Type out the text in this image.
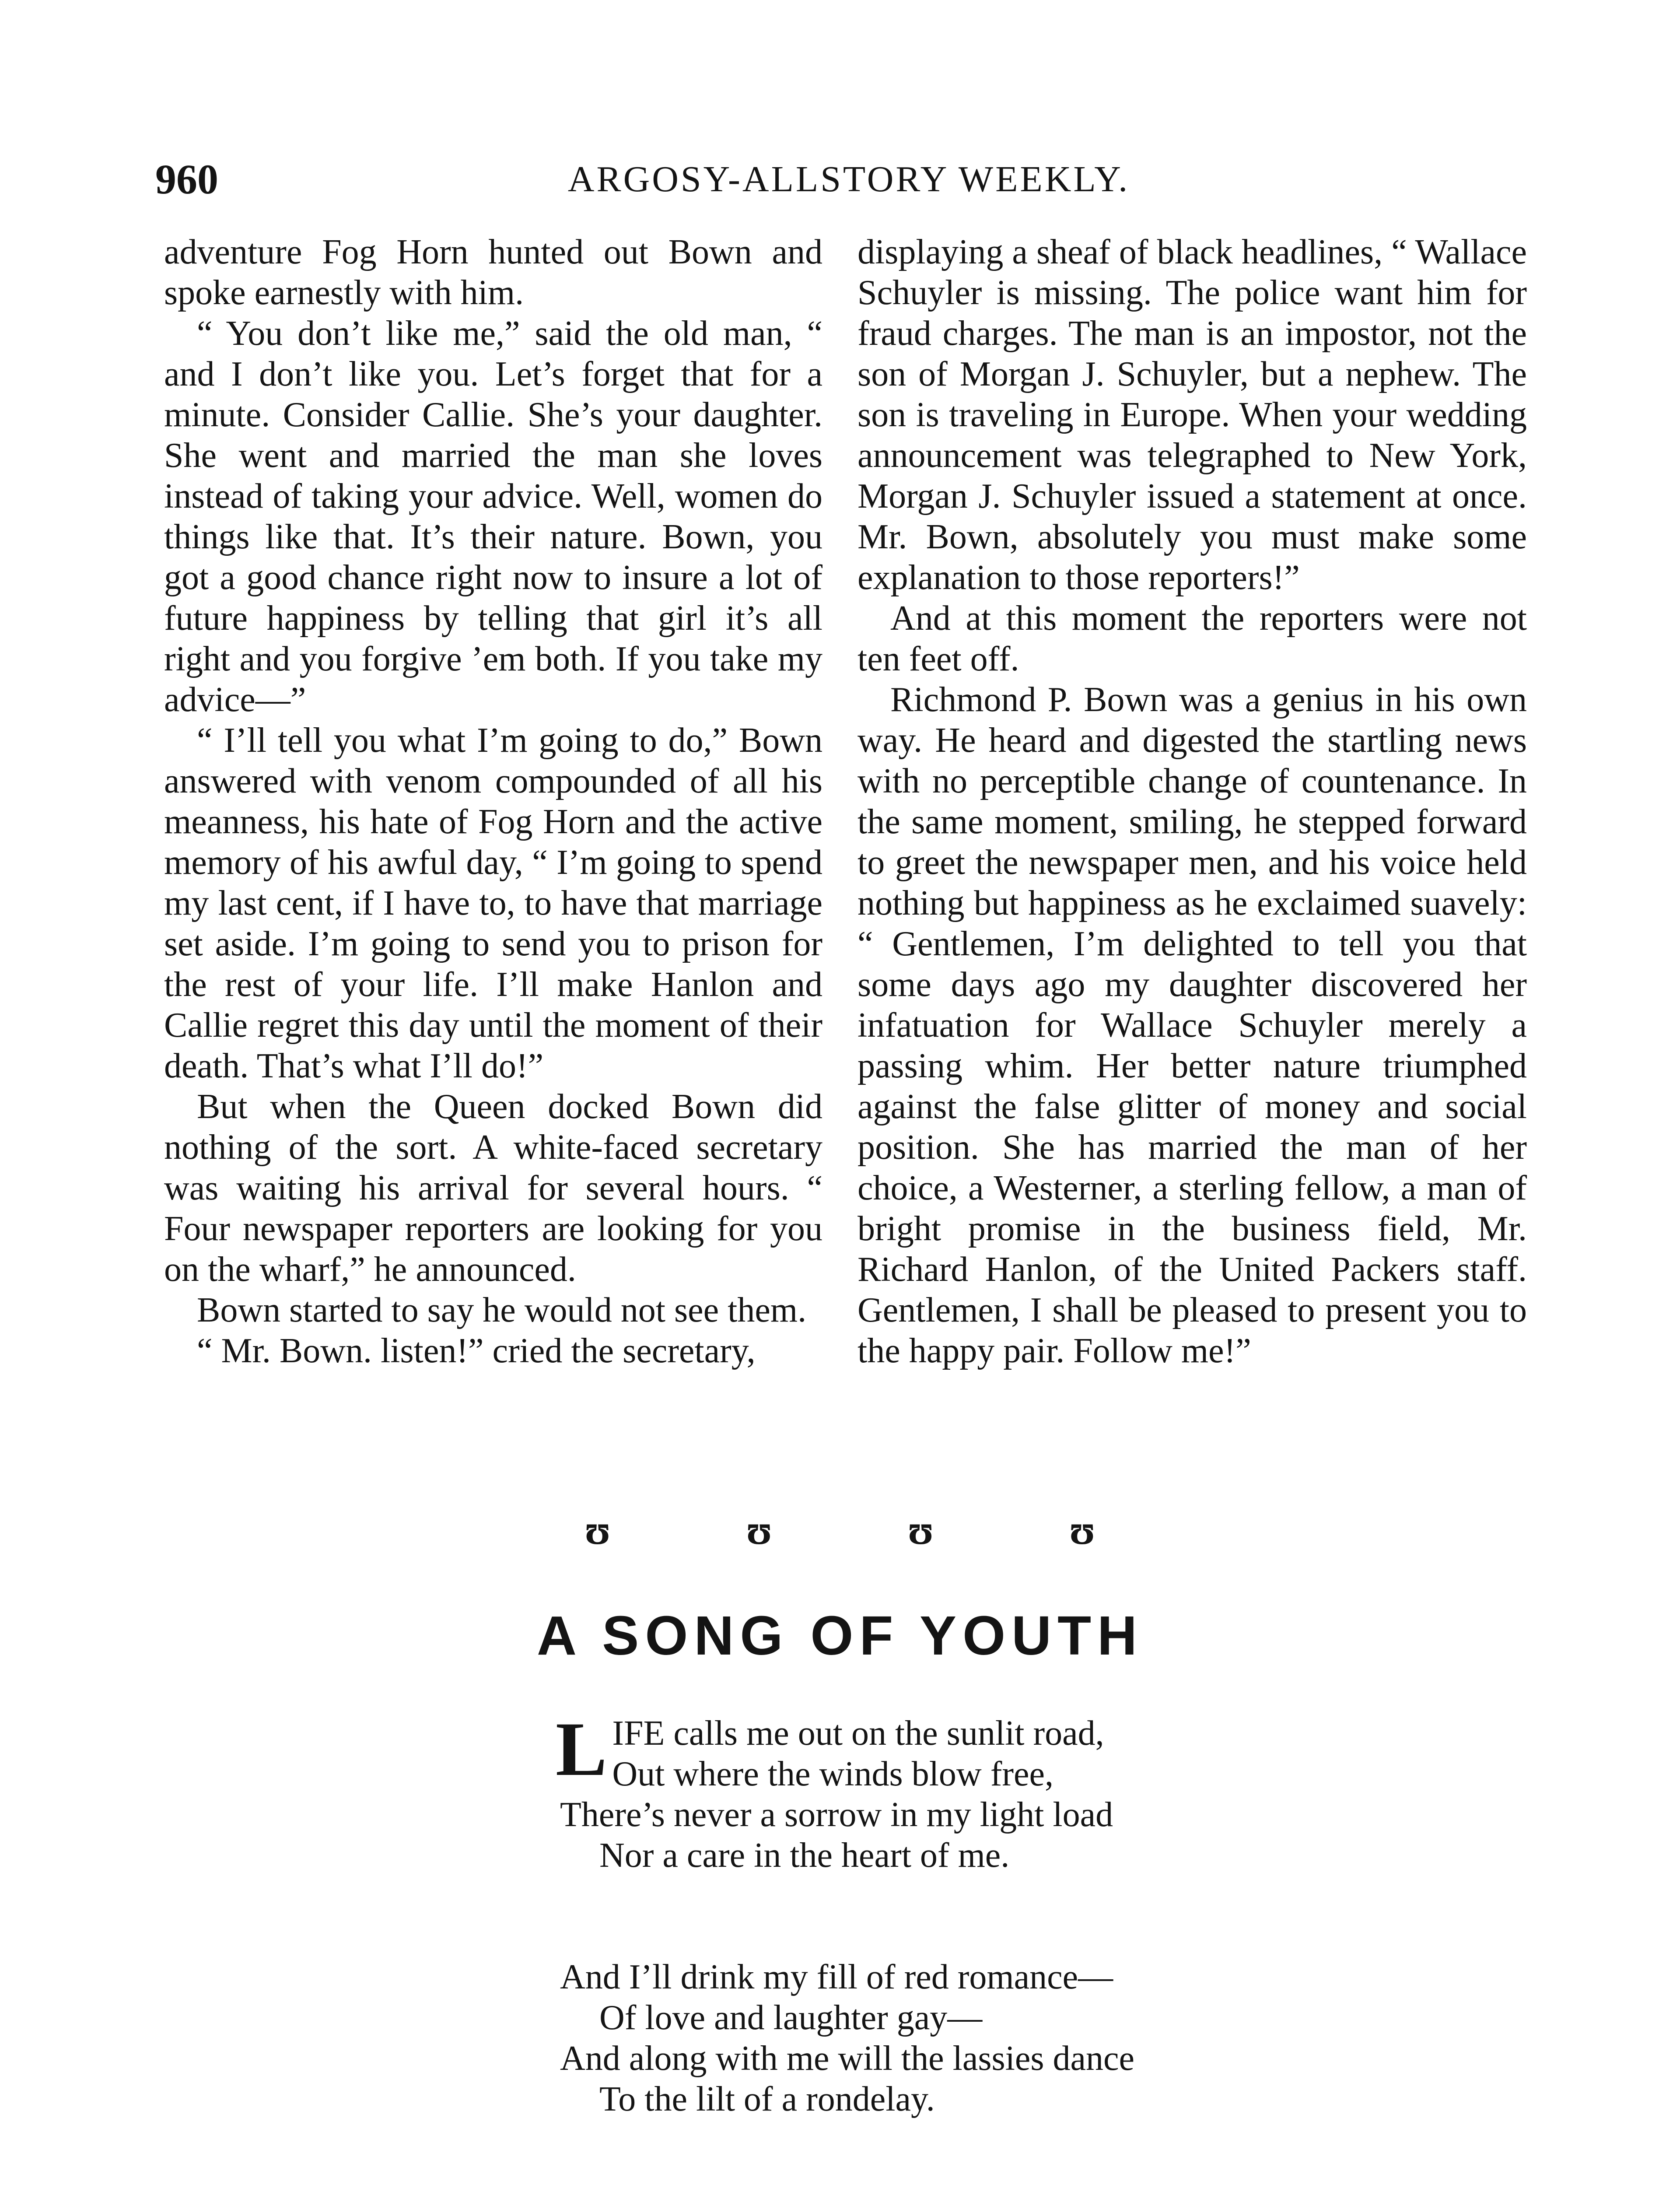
960	ARGOSY-ALLSTORY WEEKLY.

adventure Fog Horn hunted out Bown and spoke earnestly with him.

“ You don’t like me,” said the old man, “ and I don’t like you. Let’s forget that for a minute. Consider Callie. She’s your daughter. She went and married the man she loves instead of taking your advice. Well, women do things like that. It’s their nature. Bown, you got a good chance right now to insure a lot of future happiness by telling that girl it’s all right and you forgive ’em both. If you take my advice—”

“ I’ll tell you what I’m going to do,” Bown answered with venom compounded of all his meanness, his hate of Fog Horn and the active memory of his awful day, “ I’m going to spend my last cent, if I have to, to have that marriage set aside. I’m going to send you to prison for the rest of your life. I’ll make Hanlon and Callie regret this day until the moment of their death. That’s what I’ll do!”

But when the Queen docked Bown did nothing of the sort. A white-faced secretary was waiting his arrival for several hours. “ Four newspaper reporters are looking for you on the wharf,” he announced.

Bown started to say he would not see them.

“ Mr. Bown. listen!” cried the secretary,

displaying a sheaf of black headlines, “ Wallace Schuyler is missing. The police want him for fraud charges. The man is an impostor, not the son of Morgan J. Schuyler, but a nephew. The son is traveling in Europe. When your wedding announcement was telegraphed to New York, Morgan J. Schuyler issued a statement at once. Mr. Bown, absolutely you must make some explanation to those reporters!”

And at this moment the reporters were not ten feet off.

Richmond P. Bown was a genius in his own way. He heard and digested the startling news with no perceptible change of countenance. In the same moment, smiling, he stepped forward to greet the newspaper men, and his voice held nothing but happiness as he exclaimed suavely: “ Gentlemen, I’m delighted to tell you that some days ago my daughter discovered her infatuation for Wallace Schuyler merely a passing whim. Her better nature triumphed against the false glitter of money and social position. She has married the man of her choice, a Westerner, a sterling fellow, a man of bright promise in the business field, Mr. Richard Hanlon, of the United Packers staff. Gentlemen, I shall be pleased to present you to the happy pair. Follow me!”

ʊ	ʊ	ʊ	ʊ
A SONG OF YOUTH
L IFE calls me out on the sunlit road,
Out where the winds blow free,
There’s never a sorrow in my light load
Nor a care in the heart of me.
And I’ll drink my fill of red romance—
Of love and laughter gay—
And along with me will the lassies dance
To the lilt of a rondelay.
